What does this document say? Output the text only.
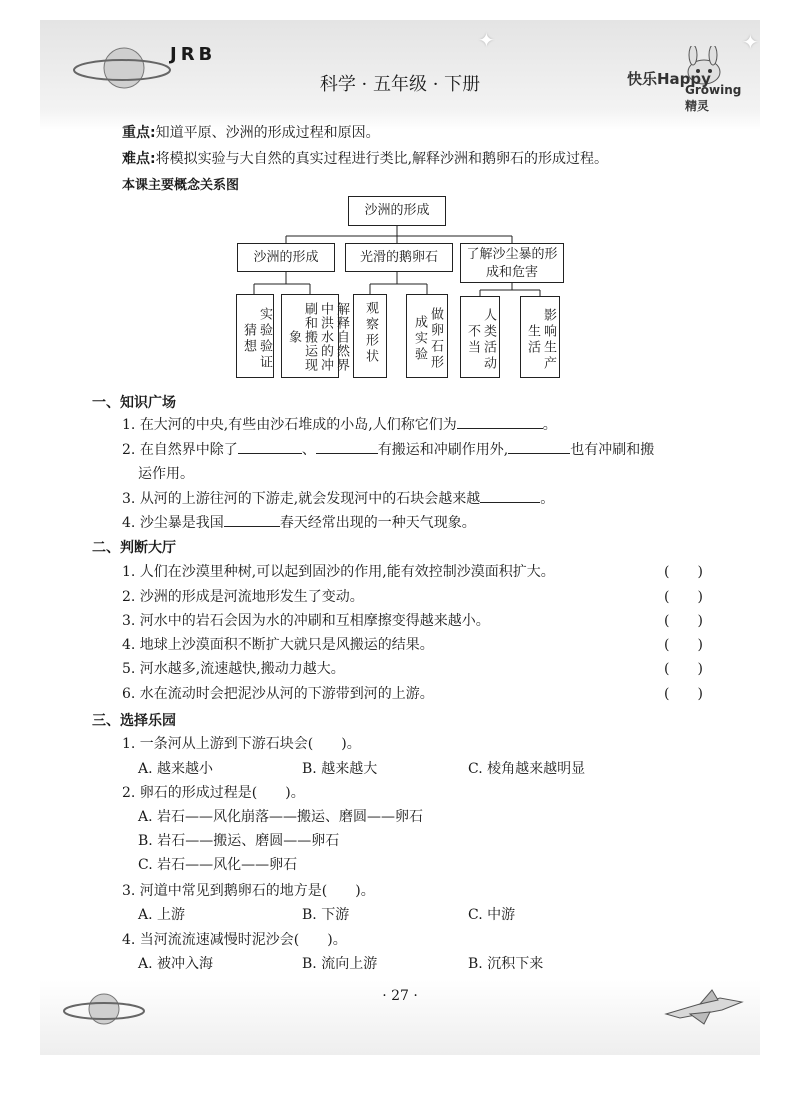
JRB
科学 · 五年级 · 下册
✦	✦
快乐Happy
Growing精灵
重点:知道平原、沙洲的形成过程和原因。
难点:将模拟实验与大自然的真实过程进行类比,解释沙洲和鹅卵石的形成过程。
本课主要概念关系图
沙洲的形成
沙洲的形成	光滑的鹅卵石	了解沙尘暴的形成和危害
实验验证猜想	解释自然界中洪水的冲刷和搬运现象	观察形状	做卵石形成实验	人类活动不当	影响生产生活
一、知识广场
1. 在大河的中央,有些由沙石堆成的小岛,人们称它们为	。
2. 在自然界中除了	、	有搬运和冲刷作用外,	也有冲刷和搬
运作用。
3. 从河的上游往河的下游走,就会发现河中的石块会越来越	。
4. 沙尘暴是我国	春天经常出现的一种天气现象。
二、判断大厅
1. 人们在沙漠里种树,可以起到固沙的作用,能有效控制沙漠面积扩大。	(　　)
2. 沙洲的形成是河流地形发生了变动。	(　　)
3. 河水中的岩石会因为水的冲刷和互相摩擦变得越来越小。	(　　)
4. 地球上沙漠面积不断扩大就只是风搬运的结果。	(　　)
5. 河水越多,流速越快,搬动力越大。	(　　)
6. 水在流动时会把泥沙从河的下游带到河的上游。	(　　)
三、选择乐园
1. 一条河从上游到下游石块会(　　)。
A. 越来越小	B. 越来越大	C. 棱角越来越明显
2. 卵石的形成过程是(　　)。
A. 岩石——风化崩落——搬运、磨圆——卵石
B. 岩石——搬运、磨圆——卵石
C. 岩石——风化——卵石
3. 河道中常见到鹅卵石的地方是(　　)。
A. 上游	B. 下游	C. 中游
4. 当河流流速减慢时泥沙会(　　)。
A. 被冲入海	B. 流向上游	B. 沉积下来
· 27 ·
